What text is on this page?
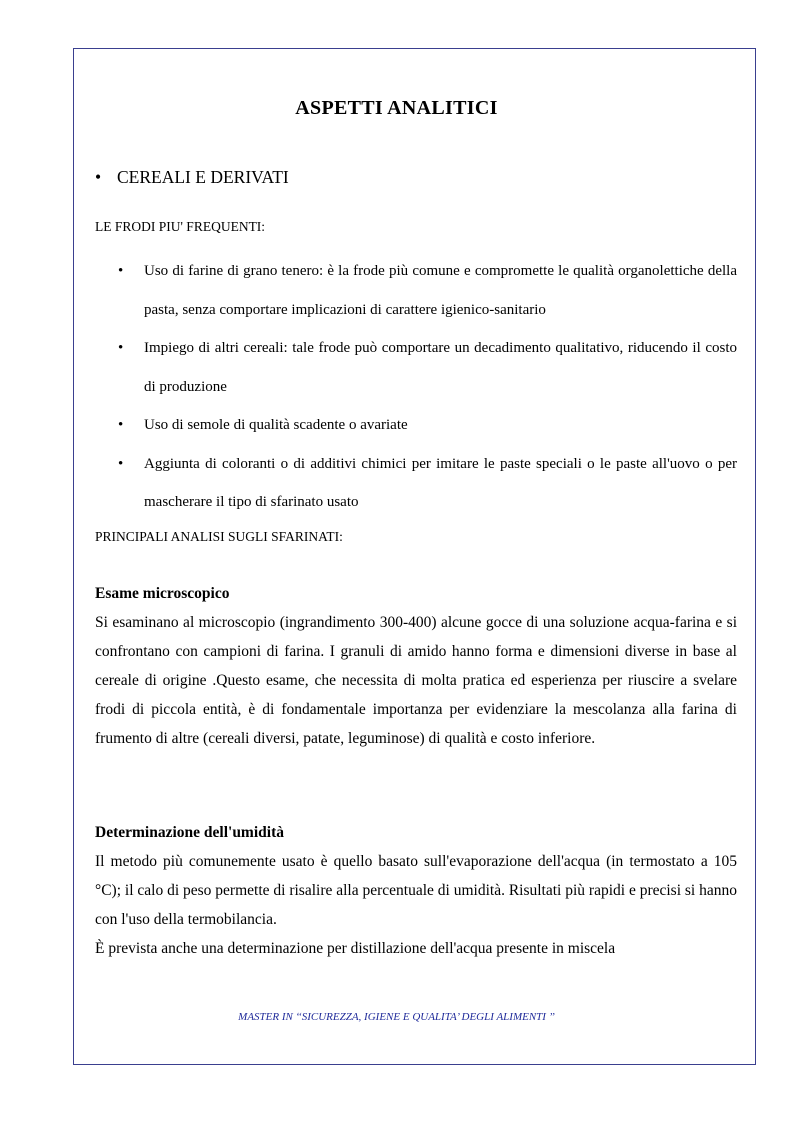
ASPETTI ANALITICI
• CEREALI E DERIVATI
LE FRODI PIU' FREQUENTI:
• Uso di farine di grano tenero: è la frode più comune e compromette le qualità organolettiche della pasta, senza comportare implicazioni di carattere igienico-sanitario
• Impiego di altri cereali: tale frode può comportare un decadimento qualitativo, riducendo il costo di produzione
• Uso di semole di qualità scadente o avariate
• Aggiunta di coloranti o di additivi chimici per imitare le paste speciali o le paste all'uovo o per mascherare il tipo di sfarinato usato
PRINCIPALI ANALISI SUGLI SFARINATI:
Esame microscopico

Si esaminano al microscopio (ingrandimento 300-400) alcune gocce di una soluzione acqua-farina e si confrontano con campioni di farina. I granuli di amido hanno forma e dimensioni diverse in base al cereale di origine .Questo esame, che necessita di molta pratica ed esperienza per riuscire a svelare frodi di piccola entità, è di fondamentale importanza per evidenziare la mescolanza alla farina di frumento di altre (cereali diversi, patate, leguminose) di qualità e costo inferiore.

Determinazione dell'umidità

Il metodo più comunemente usato è quello basato sull'evaporazione dell'acqua (in termostato a 105 °C); il calo di peso permette di risalire alla percentuale di umidità. Risultati più rapidi e precisi si hanno con l'uso della termobilancia.

È prevista anche una determinazione per distillazione dell'acqua presente in miscela

MASTER IN ‘‘SICUREZZA, IGIENE E QUALITA’ DEGLI ALIMENTI ’’
